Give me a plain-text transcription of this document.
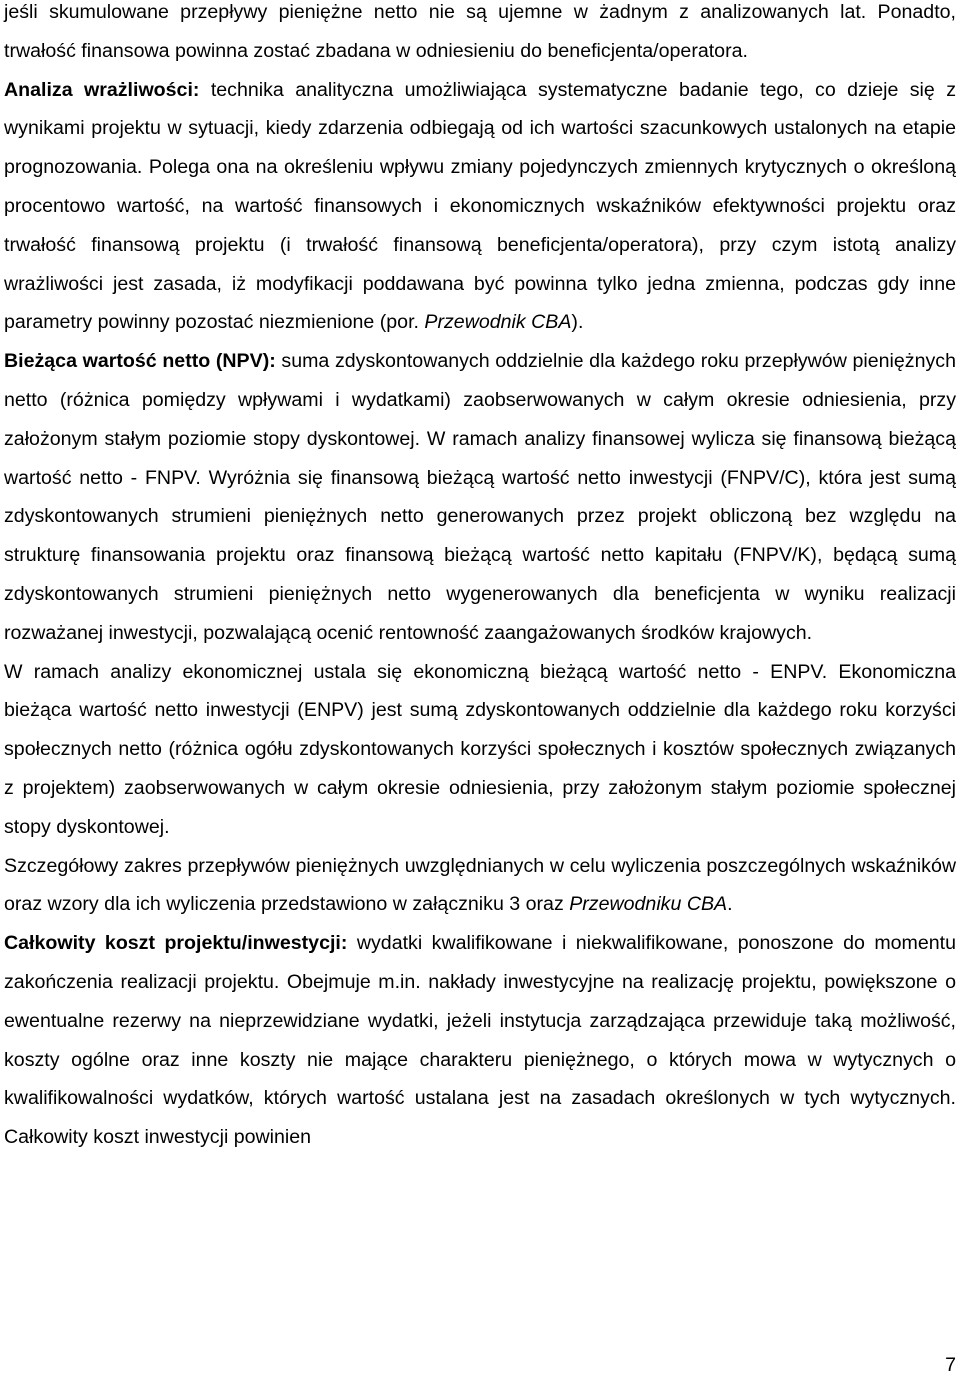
jeśli skumulowane przepływy pieniężne netto nie są ujemne w żadnym z analizowanych lat. Ponadto, trwałość finansowa powinna zostać zbadana w odniesieniu do beneficjenta/operatora.

Analiza wrażliwości: technika analityczna umożliwiająca systematyczne badanie tego, co dzieje się z wynikami projektu w sytuacji, kiedy zdarzenia odbiegają od ich wartości szacunkowych ustalonych na etapie prognozowania. Polega ona na określeniu wpływu zmiany pojedynczych zmiennych krytycznych o określoną procentowo wartość, na wartość finansowych i ekonomicznych wskaźników efektywności projektu oraz trwałość finansową projektu (i trwałość finansową beneficjenta/operatora), przy czym istotą analizy wrażliwości jest zasada, iż modyfikacji poddawana być powinna tylko jedna zmienna, podczas gdy inne parametry powinny pozostać niezmienione (por. Przewodnik CBA).

Bieżąca wartość netto (NPV): suma zdyskontowanych oddzielnie dla każdego roku przepływów pieniężnych netto (różnica pomiędzy wpływami i wydatkami) zaobserwowanych w całym okresie odniesienia, przy założonym stałym poziomie stopy dyskontowej. W ramach analizy finansowej wylicza się finansową bieżącą wartość netto - FNPV. Wyróżnia się finansową bieżącą wartość netto inwestycji (FNPV/C), która jest sumą zdyskontowanych strumieni pieniężnych netto generowanych przez projekt obliczoną bez względu na strukturę finansowania projektu oraz finansową bieżącą wartość netto kapitału (FNPV/K), będącą sumą zdyskontowanych strumieni pieniężnych netto wygenerowanych dla beneficjenta w wyniku realizacji rozważanej inwestycji, pozwalającą ocenić rentowność zaangażowanych środków krajowych.

W ramach analizy ekonomicznej ustala się ekonomiczną bieżącą wartość netto - ENPV. Ekonomiczna bieżąca wartość netto inwestycji (ENPV) jest sumą zdyskontowanych oddzielnie dla każdego roku korzyści społecznych netto (różnica ogółu zdyskontowanych korzyści społecznych i kosztów społecznych związanych z projektem) zaobserwowanych w całym okresie odniesienia, przy założonym stałym poziomie społecznej stopy dyskontowej.

Szczegółowy zakres przepływów pieniężnych uwzględnianych w celu wyliczenia poszczególnych wskaźników oraz wzory dla ich wyliczenia przedstawiono w załączniku 3 oraz Przewodniku CBA.

Całkowity koszt projektu/inwestycji: wydatki kwalifikowane i niekwalifikowane, ponoszone do momentu zakończenia realizacji projektu. Obejmuje m.in. nakłady inwestycyjne na realizację projektu, powiększone o ewentualne rezerwy na nieprzewidziane wydatki, jeżeli instytucja zarządzająca przewiduje taką możliwość, koszty ogólne oraz inne koszty nie mające charakteru pieniężnego, o których mowa w wytycznych o kwalifikowalności wydatków, których wartość ustalana jest na zasadach określonych w tych wytycznych. Całkowity koszt inwestycji powinien

7
